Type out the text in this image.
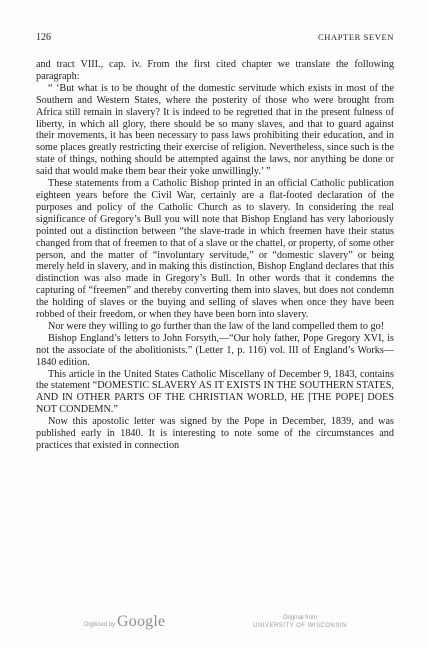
126	CHAPTER SEVEN

and tract VIII., cap. iv. From the first cited chapter we translate the following paragraph:

“ ‘But what is to be thought of the domestic servitude which exists in most of the Southern and Western States, where the posterity of those who were brought from Africa still remain in slavery? It is indeed to be regretted that in the present fulness of liberty, in which all glory, there should be so many slaves, and that to guard against their movements, it has been necessary to pass laws prohibiting their education, and in some places greatly restricting their exercise of religion. Nevertheless, since such is the state of things, nothing should be attempted against the laws, nor anything be done or said that would make them bear their yoke unwillingly.’ ”

These statements from a Catholic Bishop printed in an official Catholic publication eighteen years before the Civil War, certainly are a flat-footed declaration of the purposes and policy of the Catholic Church as to slavery. In considering the real significance of Gregory’s Bull you will note that Bishop England has very laboriously pointed out a distinction between “the slave-trade in which freemen have their status changed from that of freemen to that of a slave or the chattel, or property, of some other person, and the matter of “involuntary servitude,” or “domestic slavery” or being merely held in slavery, and in making this distinction, Bishop England declares that this distinction was also made in Gregory’s Bull. In other words that it condemns the capturing of “freemen” and thereby converting them into slaves, but does not condemn the holding of slaves or the buying and selling of slaves when once they have been robbed of their freedom, or when they have been born into slavery.

Nor were they willing to go further than the law of the land compelled them to go!

Bishop England’s letters to John Forsyth,—“Our holy father, Pope Gregory XVI, is not the associate of the abolitionists.” (Letter 1, p. 116) vol. III of England’s Works—1840 edition.

This article in the United States Catholic Miscellany of December 9, 1843, contains the statement “DOMESTIC SLAVERY AS IT EXISTS IN THE SOUTHERN STATES, AND IN OTHER PARTS OF THE CHRISTIAN WORLD, HE [THE POPE] DOES NOT CONDEMN.”

Now this apostolic letter was signed by the Pope in December, 1839, and was published early in 1840. It is interesting to note some of the circumstances and practices that existed in connection

Digitized by Google	Original from
UNIVERSITY OF WISCONSIN
